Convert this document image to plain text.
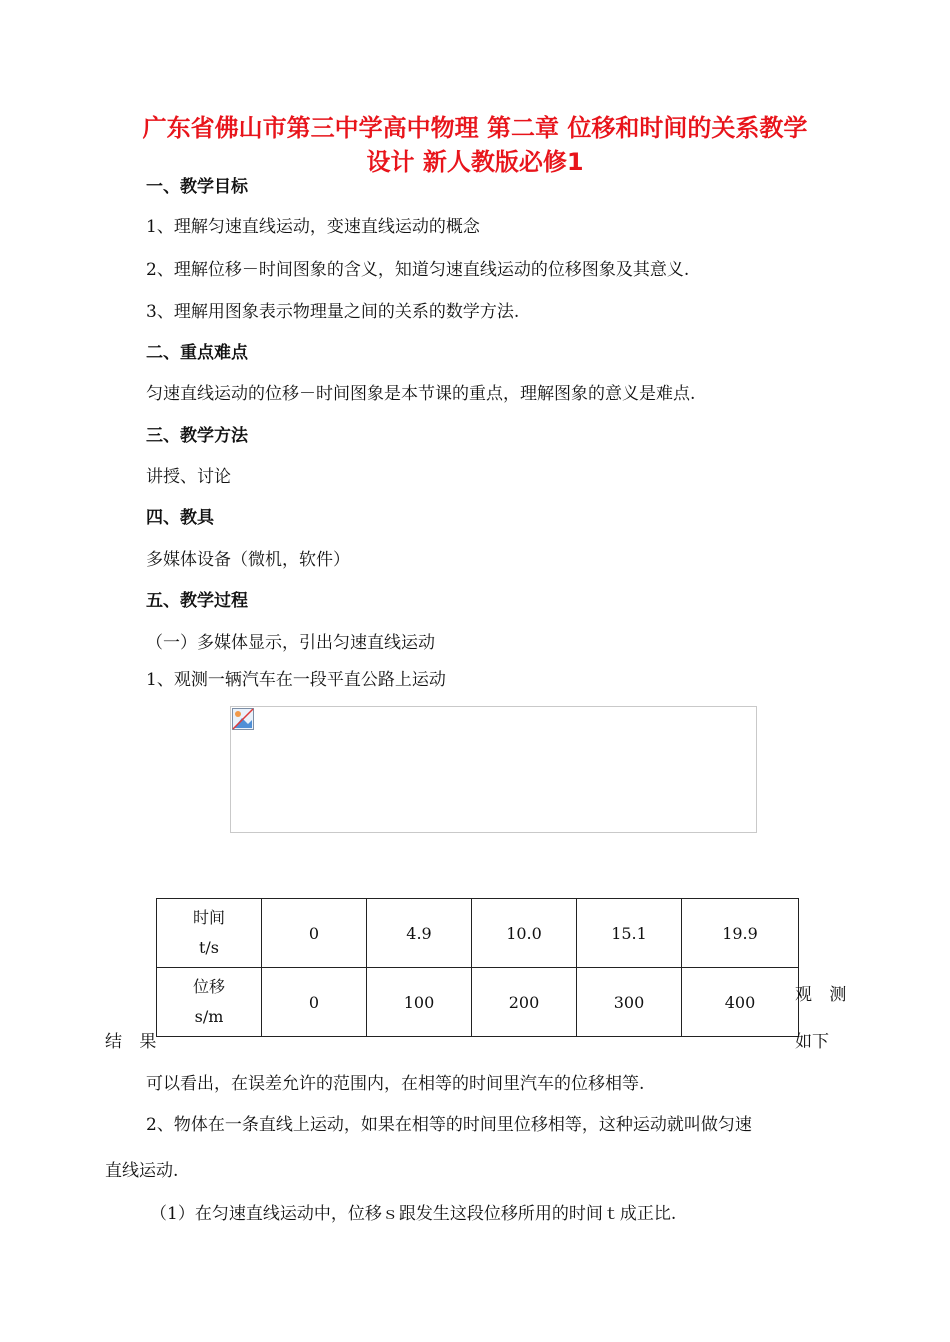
广东省佛山市第三中学高中物理 第二章 位移和时间的关系教学
设计 新人教版必修1
一、教学目标
1、理解匀速直线运动，变速直线运动的概念
2、理解位移－时间图象的含义，知道匀速直线运动的位移图象及其意义.
3、理解用图象表示物理量之间的关系的数学方法.
二、重点难点
匀速直线运动的位移－时间图象是本节课的重点，理解图象的意义是难点.
三、教学方法
讲授、讨论
四、教具
多媒体设备（微机，软件）
五、教学过程
（一）多媒体显示，引出匀速直线运动
1、观测一辆汽车在一段平直公路上运动
时间
t/s	0	4.9	10.0	15.1	19.9

位移
s/m	0	100	200	300	400 观 测
结 果	如下
可以看出，在误差允许的范围内，在相等的时间里汽车的位移相等.
2、物体在一条直线上运动，如果在相等的时间里位移相等，这种运动就叫做匀速
直线运动.
（1）在匀速直线运动中，位移ｓ跟发生这段位移所用的时间ｔ成正比.
